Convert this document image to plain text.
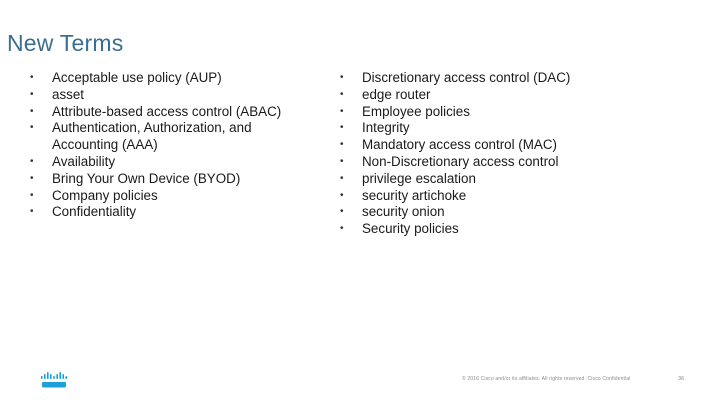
New Terms
•	Acceptable use policy (AUP)
•	asset
•	Attribute-based access control (ABAC)
•	Authentication, Authorization, and Accounting (AAA)
•	Availability
•	Bring Your Own Device (BYOD)
•	Company policies
•	Confidentiality
•	Discretionary access control (DAC)
•	edge router
•	Employee policies
•	Integrity
•	Mandatory access control (MAC)
•	Non-Discretionary access control
•	privilege escalation
•	security artichoke
•	security onion
•	Security policies
© 2016 Cisco and/or its affiliates. All rights reserved. Cisco Confidential	36
